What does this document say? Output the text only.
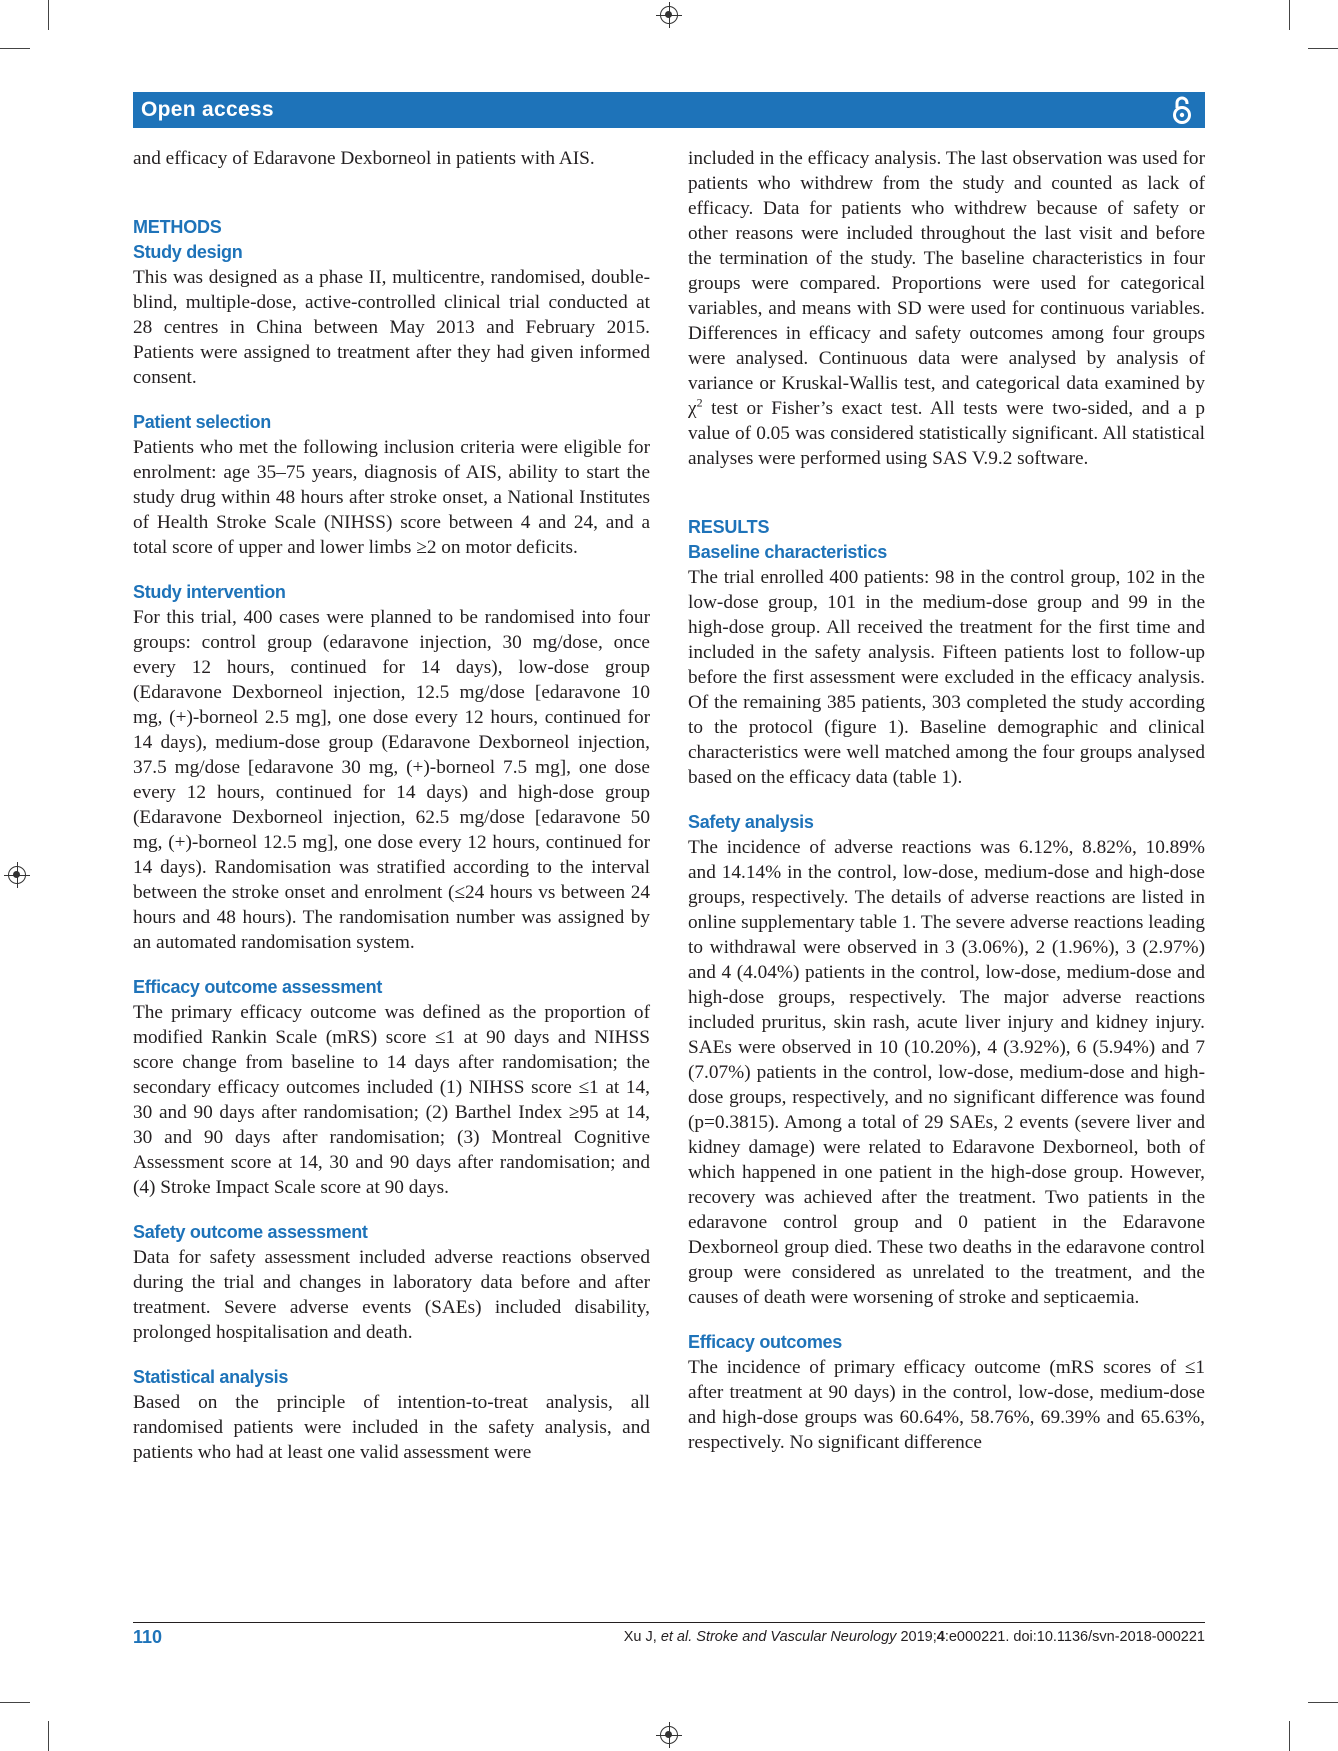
Open access

and efficacy of Edaravone Dexborneol in patients with AIS.

METHODS
Study design

This was designed as a phase II, multicentre, randomised, double-blind, multiple-dose, active-controlled clinical trial conducted at 28 centres in China between May 2013 and February 2015. Patients were assigned to treatment after they had given informed consent.

Patient selection

Patients who met the following inclusion criteria were eligible for enrolment: age 35–75 years, diagnosis of AIS, ability to start the study drug within 48 hours after stroke onset, a National Institutes of Health Stroke Scale (NIHSS) score between 4 and 24, and a total score of upper and lower limbs ≥2 on motor deficits.

Study intervention

For this trial, 400 cases were planned to be randomised into four groups: control group (edaravone injection, 30 mg/dose, once every 12 hours, continued for 14 days), low-dose group (Edaravone Dexborneol injection, 12.5 mg/dose [edaravone 10 mg, (+)-borneol 2.5 mg], one dose every 12 hours, continued for 14 days), medium-dose group (Edaravone Dexborneol injection, 37.5 mg/dose [edaravone 30 mg, (+)-borneol 7.5 mg], one dose every 12 hours, continued for 14 days) and high-dose group (Edaravone Dexborneol injection, 62.5 mg/dose [edaravone 50 mg, (+)-borneol 12.5 mg], one dose every 12 hours, continued for 14 days). Randomisation was stratified according to the interval between the stroke onset and enrolment (≤24 hours vs between 24 hours and 48 hours). The randomisation number was assigned by an automated randomisation system.

Efficacy outcome assessment

The primary efficacy outcome was defined as the proportion of modified Rankin Scale (mRS) score ≤1 at 90 days and NIHSS score change from baseline to 14 days after randomisation; the secondary efficacy outcomes included (1) NIHSS score ≤1 at 14, 30 and 90 days after randomisation; (2) Barthel Index ≥95 at 14, 30 and 90 days after randomisation; (3) Montreal Cognitive Assessment score at 14, 30 and 90 days after randomisation; and (4) Stroke Impact Scale score at 90 days.

Safety outcome assessment

Data for safety assessment included adverse reactions observed during the trial and changes in laboratory data before and after treatment. Severe adverse events (SAEs) included disability, prolonged hospitalisation and death.

Statistical analysis

Based on the principle of intention-to-treat analysis, all randomised patients were included in the safety analysis, and patients who had at least one valid assessment were

included in the efficacy analysis. The last observation was used for patients who withdrew from the study and counted as lack of efficacy. Data for patients who withdrew because of safety or other reasons were included throughout the last visit and before the termination of the study. The baseline characteristics in four groups were compared. Proportions were used for categorical variables, and means with SD were used for continuous variables. Differences in efficacy and safety outcomes among four groups were analysed. Continuous data were analysed by analysis of variance or Kruskal-Wallis test, and categorical data examined by $\chi^2$ test or Fisher’s exact test. All tests were two-sided, and a p value of 0.05 was considered statistically significant. All statistical analyses were performed using SAS V.9.2 software.

RESULTS
Baseline characteristics

The trial enrolled 400 patients: 98 in the control group, 102 in the low-dose group, 101 in the medium-dose group and 99 in the high-dose group. All received the treatment for the first time and included in the safety analysis. Fifteen patients lost to follow-up before the first assessment were excluded in the efficacy analysis. Of the remaining 385 patients, 303 completed the study according to the protocol (figure 1). Baseline demographic and clinical characteristics were well matched among the four groups analysed based on the efficacy data (table 1).

Safety analysis

The incidence of adverse reactions was 6.12%, 8.82%, 10.89% and 14.14% in the control, low-dose, medium-dose and high-dose groups, respectively. The details of adverse reactions are listed in online supplementary table 1. The severe adverse reactions leading to withdrawal were observed in 3 (3.06%), 2 (1.96%), 3 (2.97%) and 4 (4.04%) patients in the control, low-dose, medium-dose and high-dose groups, respectively. The major adverse reactions included pruritus, skin rash, acute liver injury and kidney injury. SAEs were observed in 10 (10.20%), 4 (3.92%), 6 (5.94%) and 7 (7.07%) patients in the control, low-dose, medium-dose and high-dose groups, respectively, and no significant difference was found (p=0.3815). Among a total of 29 SAEs, 2 events (severe liver and kidney damage) were related to Edaravone Dexborneol, both of which happened in one patient in the high-dose group. However, recovery was achieved after the treatment. Two patients in the edaravone control group and 0 patient in the Edaravone Dexborneol group died. These two deaths in the edaravone control group were considered as unrelated to the treatment, and the causes of death were worsening of stroke and septicaemia.

Efficacy outcomes

The incidence of primary efficacy outcome (mRS scores of ≤1 after treatment at 90 days) in the control, low-dose, medium-dose and high-dose groups was 60.64%, 58.76%, 69.39% and 65.63%, respectively. No significant difference

110	Xu J, et al. Stroke and Vascular Neurology 2019;4:e000221. doi:10.1136/svn-2018-000221
